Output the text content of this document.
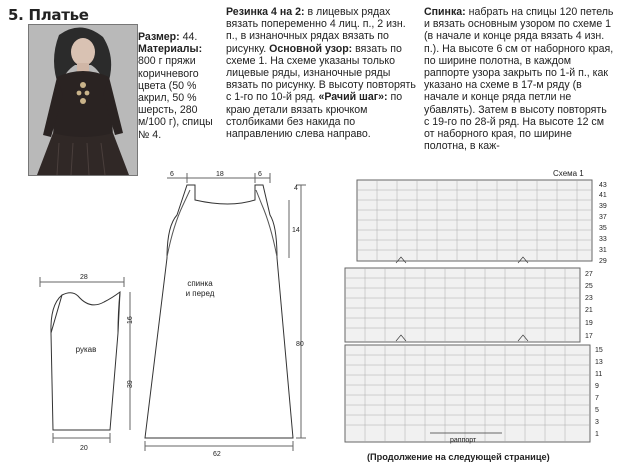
5. Платье
Размер: 44.
Материалы: 800 г пряжи коричневого цвета (50 % акрил, 50 % шерсть, 280 м/100 г), спицы № 4.
Резинка 4 на 2: в лицевых рядах вязать попеременно 4 лиц. п., 2 изн. п., в изнаночных рядах вязать по рисунку. Основной узор: вязать по схеме 1. На схеме указаны только лицевые ряды, изнаночные ряды вязать по рисунку. В высоту повторять с 1-го по 10-й ряд. «Рачий шаг»: по краю детали вязать крючком столбиками без накида по направлению слева направо.
Спинка: набрать на спицы 120 петель и вязать основным узором по схеме 1 (в начале и конце ряда вязать 4 изн. п.). На высоте 6 см от наборного края, по ширине полотна, в каждом раппорте узора закрыть по 1-й п., как указано на схеме в 17-м ряду (в начале и конце ряда петли не убавлять). Затем в высоту повторять с 19-го по 28-й ряд. На высоте 12 см от наборного края, по ширине полотна, в каж-
6	18	6
4
14
80
62
спинка
и перед
28
16
39
20
рукав
Схема 1
43
41
39
37
35
33
31
29
27
25
23
21
19
17
15
13
11
9
7
5
3
1
раппорт
(Продолжение на следующей странице)
